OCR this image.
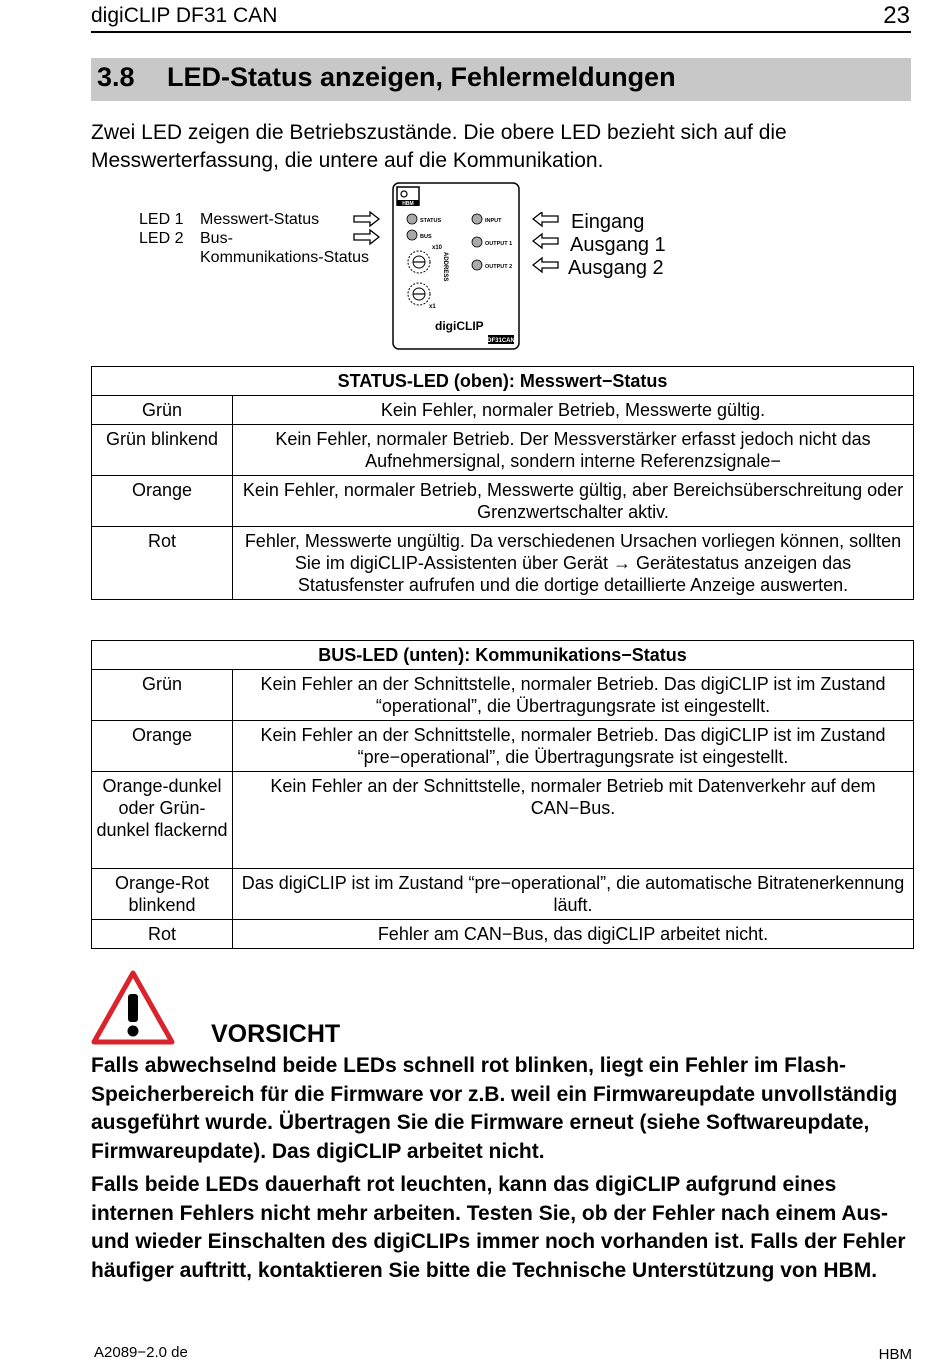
digiCLIP DF31 CAN	23
3.8 LED-Status anzeigen, Fehlermeldungen
Zwei LED zeigen die Betriebszustände. Die obere LED bezieht sich auf die Messwerterfassung, die untere auf die Kommunikation.
LED 1 Messwert-Status
LED 2 Bus-
Kommunikations-Status
HBM
STATUS
BUS
INPUT
OUTPUT 1
OUTPUT 2
x10
x1
ADDRESS
digiCLIP
DF31CAN
Eingang
Ausgang 1
Ausgang 2
STATUS-LED (oben): Messwert−Status	
Grün	Kein Fehler, normaler Betrieb, Messwerte gültig.
Grün blinkend	Kein Fehler, normaler Betrieb. Der Messverstärker erfasst jedoch nicht das Aufnehmersignal, sondern interne Referenzsignale−
Orange	Kein Fehler, normaler Betrieb, Messwerte gültig, aber Bereichsüberschreitung oder Grenzwertschalter aktiv.
Rot	Fehler, Messwerte ungültig. Da verschiedenen Ursachen vorliegen können, sollten Sie im digiCLIP-Assistenten über Gerät → Gerätestatus anzeigen das Statusfenster aufrufen und die dortige detaillierte Anzeige auswerten.
BUS-LED (unten): Kommunikations−Status	
Grün	Kein Fehler an der Schnittstelle, normaler Betrieb. Das digiCLIP ist im Zustand “operational”, die Übertragungsrate ist eingestellt.
Orange	Kein Fehler an der Schnittstelle, normaler Betrieb. Das digiCLIP ist im Zustand “pre−operational”, die Übertragungsrate ist eingestellt.
Orange-dunkel oder Grün-dunkel flackernd	Kein Fehler an der Schnittstelle, normaler Betrieb mit Datenverkehr auf dem CAN−Bus.
Orange-Rot blinkend	Das digiCLIP ist im Zustand “pre−operational”, die automatische Bitratenerkennung läuft.
Rot	Fehler am CAN−Bus, das digiCLIP arbeitet nicht.
VORSICHT
Falls abwechselnd beide LEDs schnell rot blinken, liegt ein Fehler im Flash-Speicherbereich für die Firmware vor z.B. weil ein Firmwareupdate unvollständig ausgeführt wurde. Übertragen Sie die Firmware erneut (siehe Softwareupdate, Firmwareupdate). Das digiCLIP arbeitet nicht.
Falls beide LEDs dauerhaft rot leuchten, kann das digiCLIP aufgrund eines internen Fehlers nicht mehr arbeiten. Testen Sie, ob der Fehler nach einem Aus- und wieder Einschalten des digiCLIPs immer noch vorhanden ist. Falls der Fehler häufiger auftritt, kontaktieren Sie bitte die Technische Unterstützung von HBM.
A2089−2.0 de	HBM
